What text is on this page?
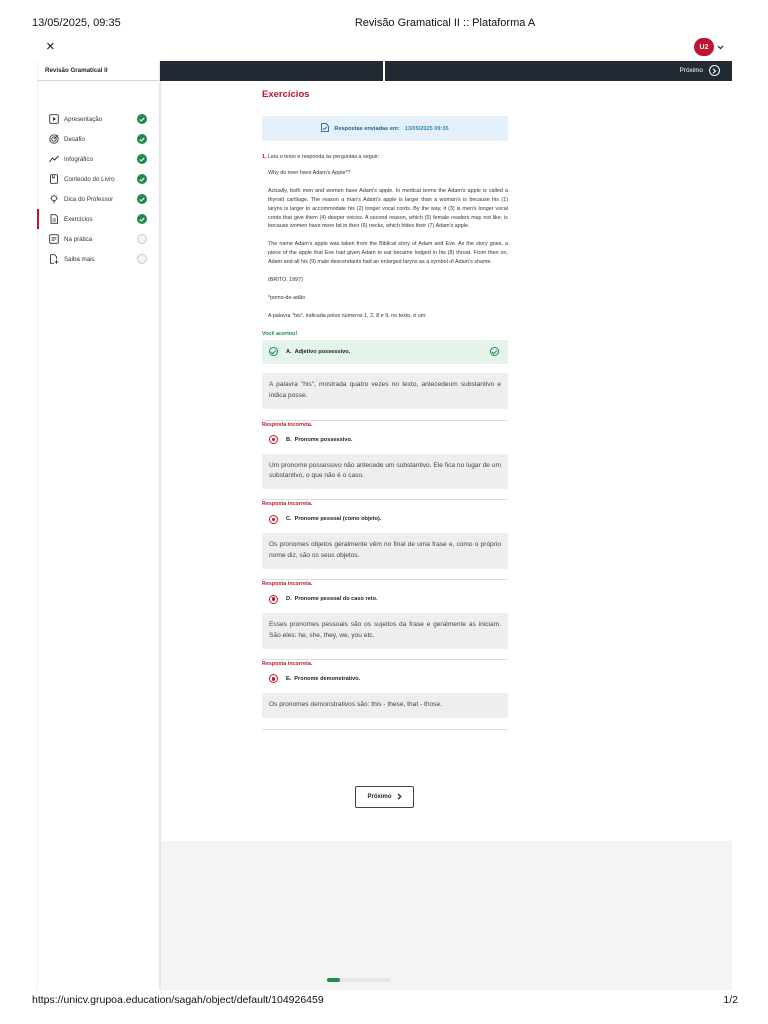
13/05/2025, 09:35	Revisão Gramatical II :: Plataforma A
×	U2
Revisão Gramatical II
Apresentação
Desafio
Infográfico
Conteúdo do Livro
Dica do Professor
Exercícios
Na prática
Saiba mais
Próximo
Exercícios
Respostas enviadas em: 13/05/2025 09:35
1. Leia o texto e responda às perguntas a seguir:
Why do men have Adam's Apple*?
Actually, both men and women have Adam's apple. In medical terms the Adam's apple is called a thyroid cartilage. The reason a man's Adam's apple is larger than a woman's is because his (1) larynx is larger to accommodate his (2) longer vocal cords. By the way, it (3) is men's longer vocal cords that give them (4) deeper voices. A second reason, which (5) female readers may not like, is because women have more fat in their (6) necks, which hides their (7) Adam's apple.
The name Adam's apple was taken from the Biblical story of Adam and Eve. As the story goes, a piece of the apple that Eve had given Adam to eat became lodged in his (8) throat. From then on, Adam and all his (9) male descendants had an enlarged larynx as a symbol of Adam's shame.
(BRITO, 1997)
*pomo-de-adão
A palavra "his", indicada pelos números 1, 2, 8 e 9, no texto, é um:
Você acertou!
A. Adjetivo possessivo.
A palavra "his", mostrada quatro vezes no texto, antecedeum substantivo e indica posse.
Resposta incorreta.
B. Pronome possessivo.
Um pronome possessivo não antecede um substantivo. Ele fica no lugar de um substantivo, o que não é o caso.
Resposta incorreta.
C. Pronome pessoal (como objeto).
Os pronomes objetos geralmente vêm no final de uma frase e, como o próprio nome diz, são os seus objetos.
Resposta incorreta.
D. Pronome pessoal do caso reto.
Esses pronomes pessoais são os sujeitos da frase e geralmente as iniciam. São eles: he, she, they, we, you etc.
Resposta incorreta.
E. Pronome demonstrativo.
Os pronomes demonstrativos são: this - these, that - those.
Próximo
https://unicv.grupoa.education/sagah/object/default/104926459	1/2
